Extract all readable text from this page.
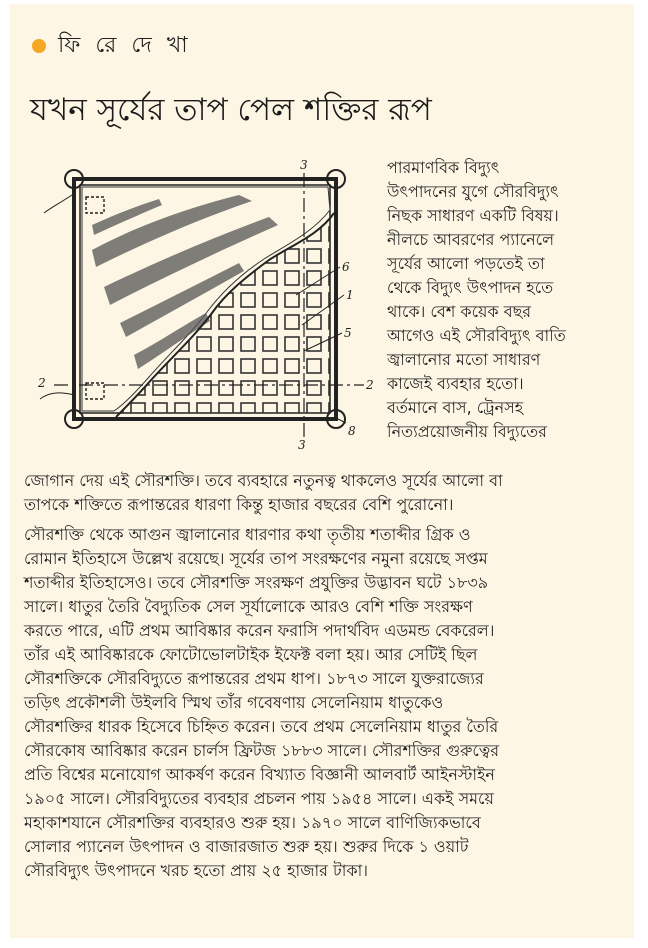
ফি রে দে খা
যখন সূর্যের তাপ পেল শক্তির রূপ
3
6
1
5
2
8
3
2
পারমাণবিক বিদ্যুৎ
উৎপাদনের যুগে সৌরবিদ্যুৎ
নিছক সাধারণ একটি বিষয়।
নীলচে আবরণের প্যানেলে
সূর্যের আলো পড়তেই তা
থেকে বিদ্যুৎ উৎপাদন হতে
থাকে। বেশ কয়েক বছর
আগেও এই সৌরবিদ্যুৎ বাতি
জ্বালানোর মতো সাধারণ
কাজেই ব্যবহার হতো।
বর্তমানে বাস, ট্রেনসহ
নিত্যপ্রয়োজনীয় বিদ্যুতের
জোগান দেয় এই সৌরশক্তি। তবে ব্যবহারে নতুনত্ব থাকলেও সূর্যের আলো বা
তাপকে শক্তিতে রূপান্তরের ধারণা কিন্তু হাজার বছরের বেশি পুরোনো।
সৌরশক্তি থেকে আগুন জ্বালানোর ধারণার কথা তৃতীয় শতাব্দীর গ্রিক ও
রোমান ইতিহাসে উল্লেখ রয়েছে। সূর্যের তাপ সংরক্ষণের নমুনা রয়েছে সপ্তম
শতাব্দীর ইতিহাসেও। তবে সৌরশক্তি সংরক্ষণ প্রযুক্তির উদ্ভাবন ঘটে ১৮৩৯
সালে। ধাতুর তৈরি বৈদ্যুতিক সেল সূর্যালোকে আরও বেশি শক্তি সংরক্ষণ
করতে পারে, এটি প্রথম আবিষ্কার করেন ফরাসি পদার্থবিদ এডমন্ড বেকরেল।
তাঁর এই আবিষ্কারকে ফোটোভোলটাইক ইফেক্ট বলা হয়। আর সেটিই ছিল
সৌরশক্তিকে সৌরবিদ্যুতে রূপান্তরের প্রথম ধাপ। ১৮৭৩ সালে যুক্তরাজ্যের
তড়িৎ প্রকৌশলী উইলবি স্মিথ তাঁর গবেষণায় সেলেনিয়াম ধাতুকেও
সৌরশক্তির ধারক হিসেবে চিহ্নিত করেন। তবে প্রথম সেলেনিয়াম ধাতুর তৈরি
সৌরকোষ আবিষ্কার করেন চার্লস ফ্রিটজ ১৮৮৩ সালে। সৌরশক্তির গুরুত্বের
প্রতি বিশ্বের মনোযোগ আকর্ষণ করেন বিখ্যাত বিজ্ঞানী আলবার্ট আইনস্টাইন
১৯০৫ সালে। সৌরবিদ্যুতের ব্যবহার প্রচলন পায় ১৯৫৪ সালে। একই সময়ে
মহাকাশযানে সৌরশক্তির ব্যবহারও শুরু হয়। ১৯৭০ সালে বাণিজ্যিকভাবে
সোলার প্যানেল উৎপাদন ও বাজারজাত শুরু হয়। শুরুর দিকে ১ ওয়াট
সৌরবিদ্যুৎ উৎপাদনে খরচ হতো প্রায় ২৫ হাজার টাকা।
